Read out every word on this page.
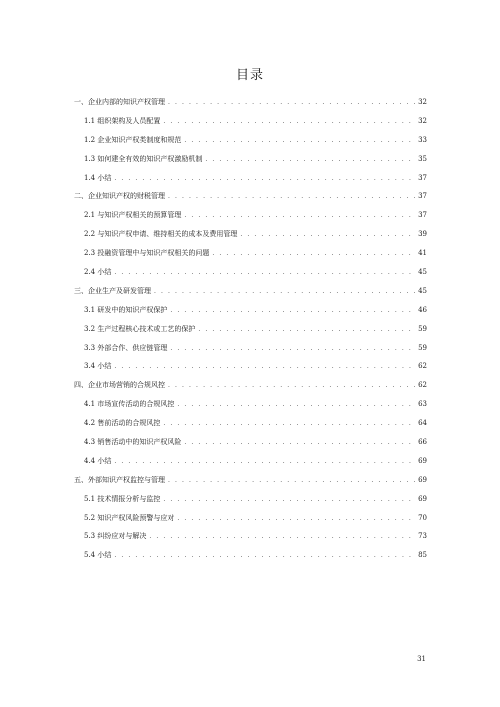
目录
一、企业内部的知识产权管理 . . .	32
1.1 组织架构及人员配置 . . .	32
1.2 企业知识产权类制度和规范 . . .	33
1.3 如何建全有效的知识产权激励机制 . . .	35
1.4 小结 . . .	37
二、企业知识产权的财税管理 . . .	37
2.1 与知识产权相关的预算管理 . . .	37
2.2 与知识产权申请、维持相关的成本及费用管理 . . .	39
2.3 投融资管理中与知识产权相关的问题 . . .	41
2.4 小结 . . .	45
三、企业生产及研发管理 . . .	45
3.1 研发中的知识产权保护 . . .	46
3.2 生产过程核心技术或工艺的保护 . . .	59
3.3 外部合作、供应链管理 . . .	59
3.4 小结 . . .	62
四、企业市场营销的合规风控 . . .	62
4.1 市场宣传活动的合规风控 . . .	63
4.2 售前活动的合规风控 . . .	64
4.3 销售活动中的知识产权风险 . . .	66
4.4 小结 . . .	69
五、外部知识产权监控与管理 . . .	69
5.1 技术情报分析与监控 . . .	69
5.2 知识产权风险预警与应对 . . .	70
5.3 纠纷应对与解决 . . .	73
5.4 小结 . . .	85
31
